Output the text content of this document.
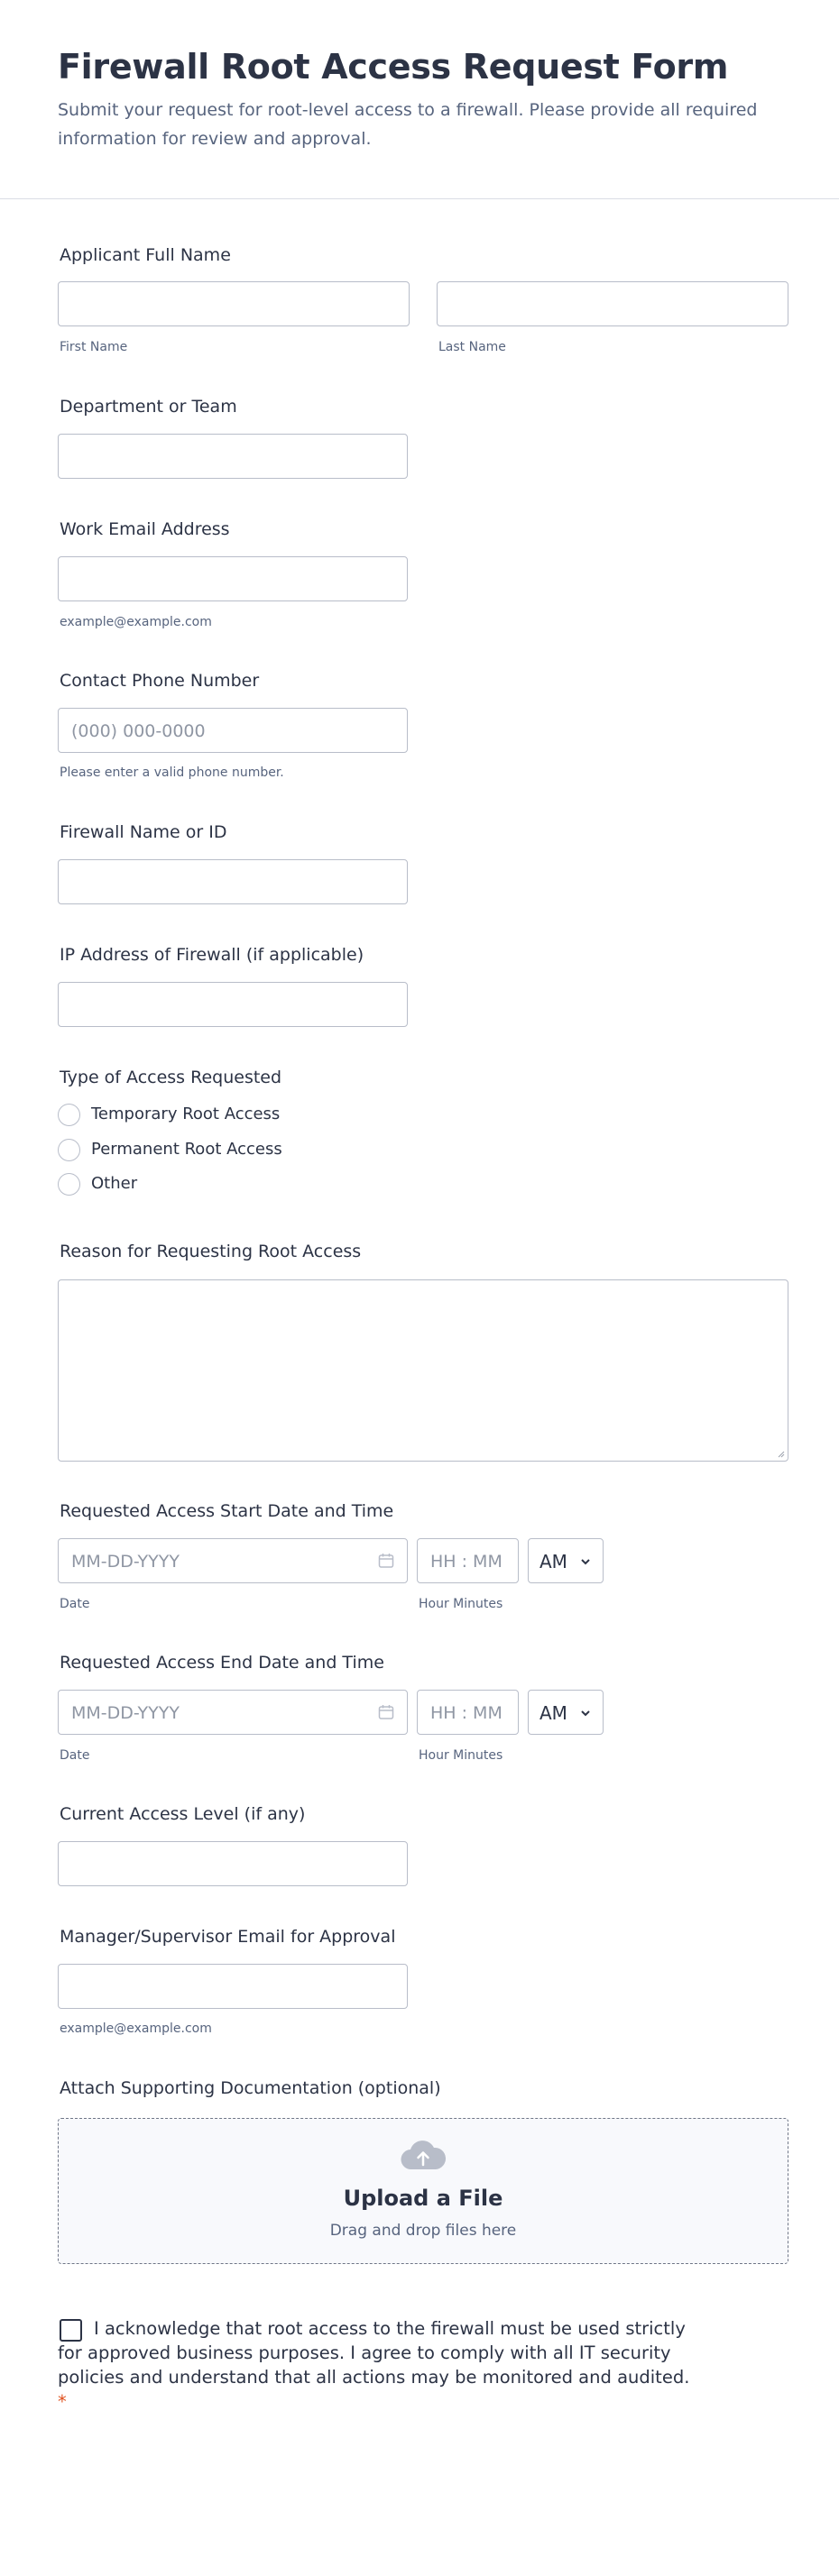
Firewall Root Access Request Form
Submit your request for root-level access to a firewall. Please provide all required information for review and approval.
Applicant Full Name
First Name	Last Name
Department or Team
Work Email Address
example@example.com
Contact Phone Number
(000) 000-0000
Please enter a valid phone number.
Firewall Name or ID
IP Address of Firewall (if applicable)
Type of Access Requested
Temporary Root Access
Permanent Root Access
Other
Reason for Requesting Root Access
Requested Access Start Date and Time
MM-DD-YYYY	HH : MM AM
Date	Hour Minutes
Requested Access End Date and Time
MM-DD-YYYY	HH : MM AM
Date	Hour Minutes
Current Access Level (if any)
Manager/Supervisor Email for Approval
example@example.com
Attach Supporting Documentation (optional)
Upload a File
Drag and drop files here
I acknowledge that root access to the firewall must be used strictly for approved business purposes. I agree to comply with all IT security policies and understand that all actions may be monitored and audited.  *
